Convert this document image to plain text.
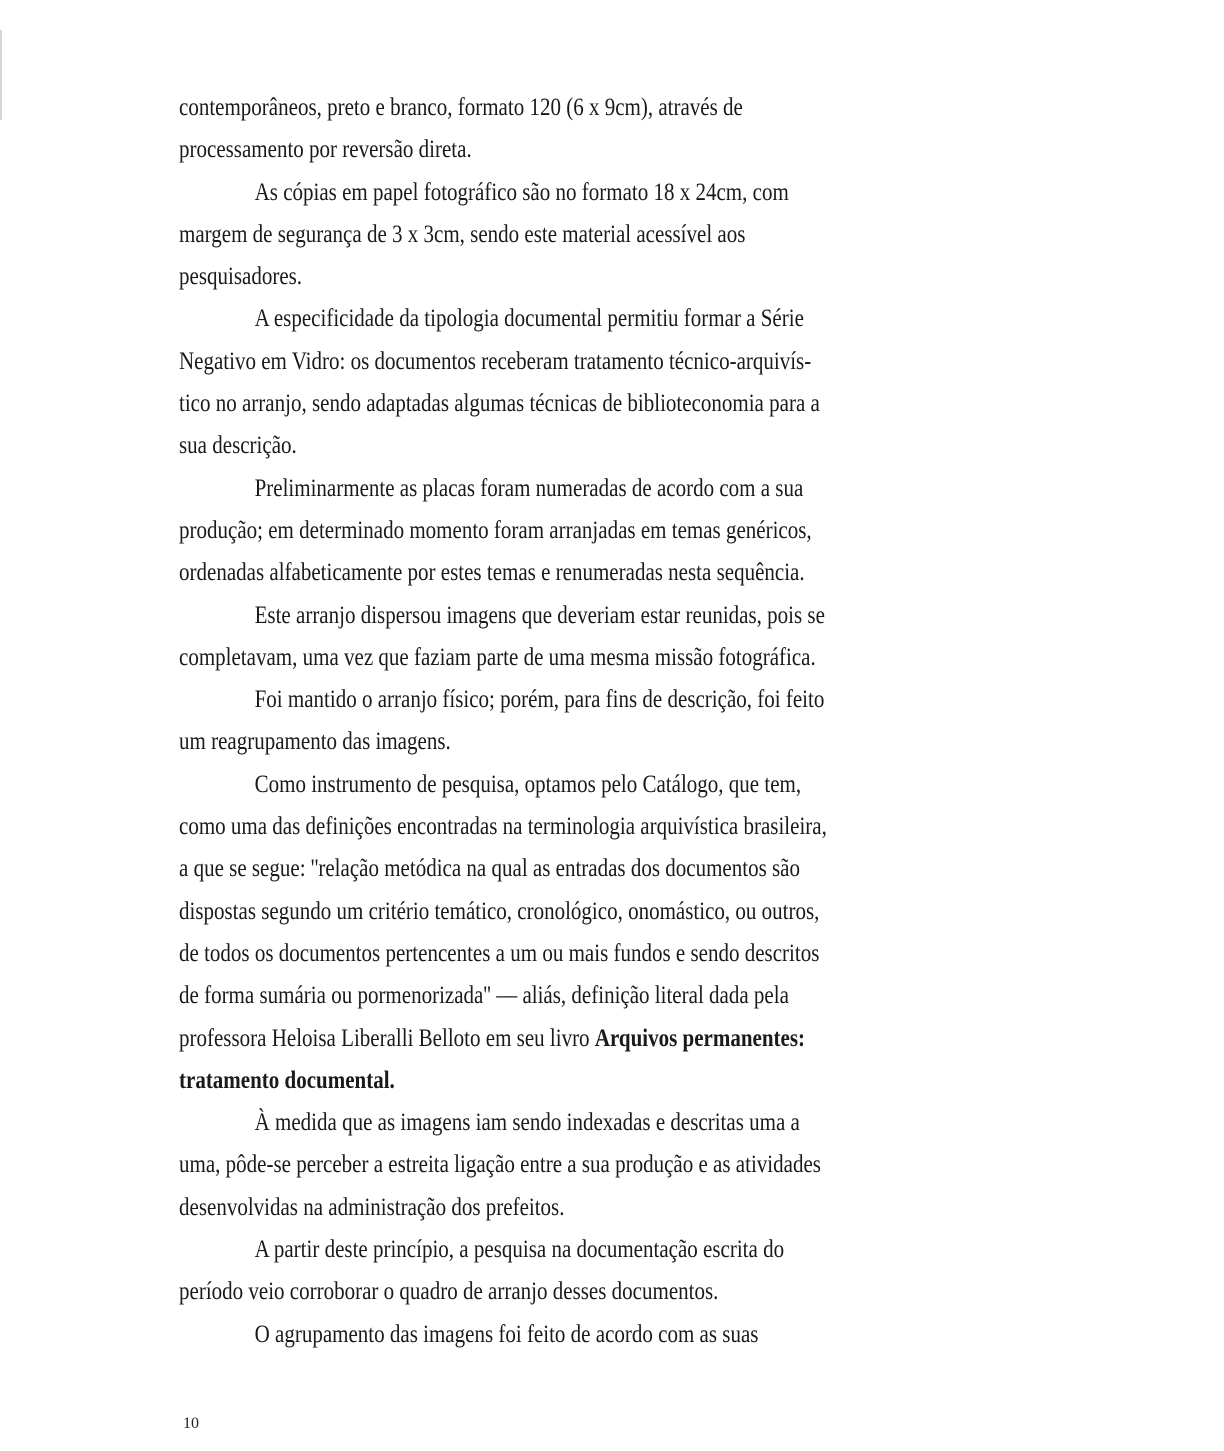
contemporâneos, preto e branco, formato 120 (6 x 9cm), através de
processamento por reversão direta.
As cópias em papel fotográfico são no formato 18 x 24cm, com
margem de segurança de 3 x 3cm, sendo este material acessível aos
pesquisadores.
A especificidade da tipologia documental permitiu formar a Série
Negativo em Vidro: os documentos receberam tratamento técnico-arquivís-
tico no arranjo, sendo adaptadas algumas técnicas de biblioteconomia para a
sua descrição.
Preliminarmente as placas foram numeradas de acordo com a sua
produção; em determinado momento foram arranjadas em temas genéricos,
ordenadas alfabeticamente por estes temas e renumeradas nesta sequência.
Este arranjo dispersou imagens que deveriam estar reunidas, pois se
completavam, uma vez que faziam parte de uma mesma missão fotográfica.
Foi mantido o arranjo físico; porém, para fins de descrição, foi feito
um reagrupamento das imagens.
Como instrumento de pesquisa, optamos pelo Catálogo, que tem,
como uma das definições encontradas na terminologia arquivística brasileira,
a que se segue: ''relação metódica na qual as entradas dos documentos são
dispostas segundo um critério temático, cronológico, onomástico, ou outros,
de todos os documentos pertencentes a um ou mais fundos e sendo descritos
de forma sumária ou pormenorizada'' — aliás, definição literal dada pela
professora Heloisa Liberalli Belloto em seu livro Arquivos permanentes:
tratamento documental.
À medida que as imagens iam sendo indexadas e descritas uma a
uma, pôde-se perceber a estreita ligação entre a sua produção e as atividades
desenvolvidas na administração dos prefeitos.
A partir deste princípio, a pesquisa na documentação escrita do
período veio corroborar o quadro de arranjo desses documentos.
O agrupamento das imagens foi feito de acordo com as suas
10
